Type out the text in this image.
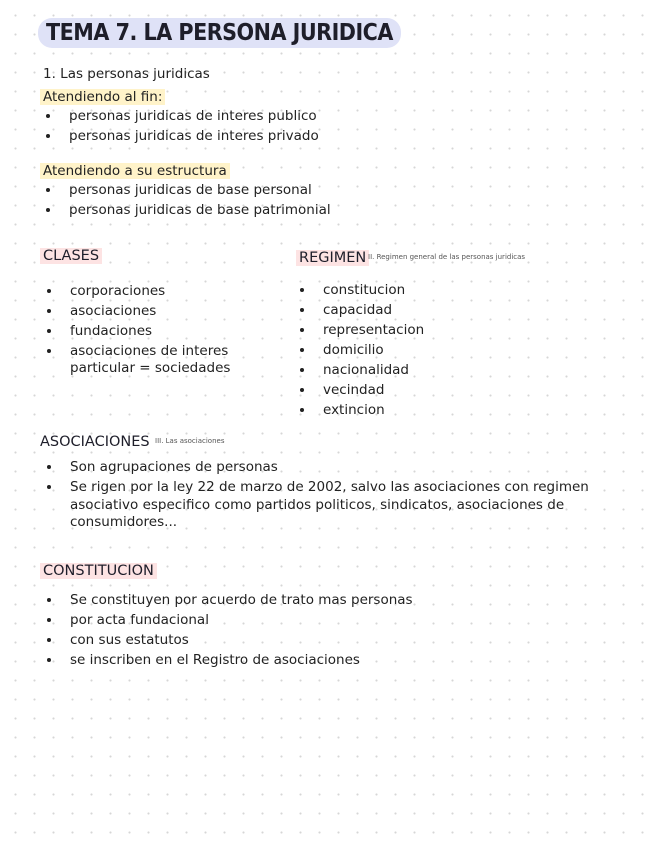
TEMA 7. LA PERSONA JURIDICA
1. Las personas juridicas
Atendiendo al fin:
personas juridicas de interes publico
personas juridicas de interes privado
Atendiendo a su estructura
personas juridicas de base personal
personas juridicas de base patrimonial
CLASES
corporaciones
asociaciones
fundaciones
asociaciones de interes particular = sociedades
REGIMEN II. Regimen general de las personas juridicas
constitucion
capacidad
representacion
domicilio
nacionalidad
vecindad
extincion
ASOCIACIONES III. Las asociaciones
Son agrupaciones de personas
Se rigen por la ley 22 de marzo de 2002, salvo las asociaciones con regimen asociativo especifico como partidos politicos, sindicatos, asociaciones de consumidores...
CONSTITUCION
Se constituyen por acuerdo de trato mas personas
por acta fundacional
con sus estatutos
se inscriben en el Registro de asociaciones
